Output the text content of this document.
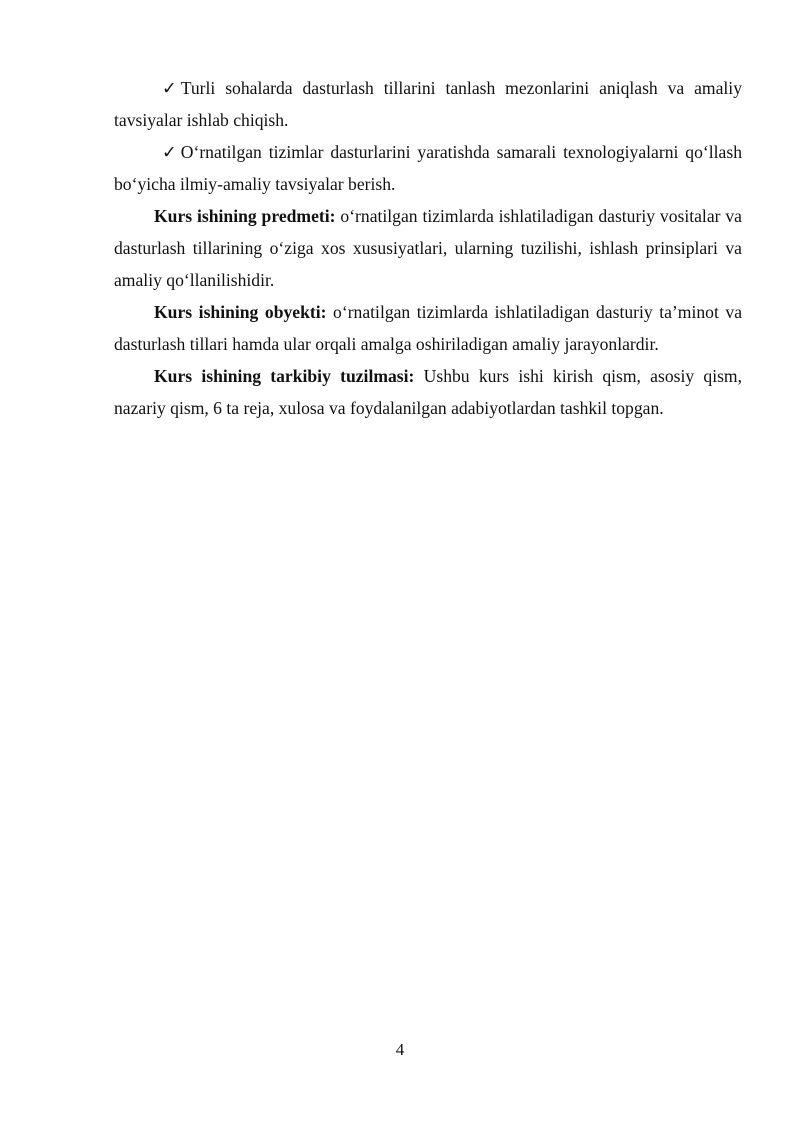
✓ Turli sohalarda dasturlash tillarini tanlash mezonlarini aniqlash va amaliy tavsiyalar ishlab chiqish.

✓ O‘rnatilgan tizimlar dasturlarini yaratishda samarali texnologiyalarni qo‘llash bo‘yicha ilmiy-amaliy tavsiyalar berish.

Kurs ishining predmeti: o‘rnatilgan tizimlarda ishlatiladigan dasturiy vositalar va dasturlash tillarining o‘ziga xos xususiyatlari, ularning tuzilishi, ishlash prinsiplari va amaliy qo‘llanilishidir.

Kurs ishining obyekti: o‘rnatilgan tizimlarda ishlatiladigan dasturiy ta’minot va dasturlash tillari hamda ular orqali amalga oshiriladigan amaliy jarayonlardir.

Kurs ishining tarkibiy tuzilmasi: Ushbu kurs ishi kirish qism, asosiy qism, nazariy qism, 6 ta reja, xulosa va foydalanilgan adabiyotlardan tashkil topgan.

4
